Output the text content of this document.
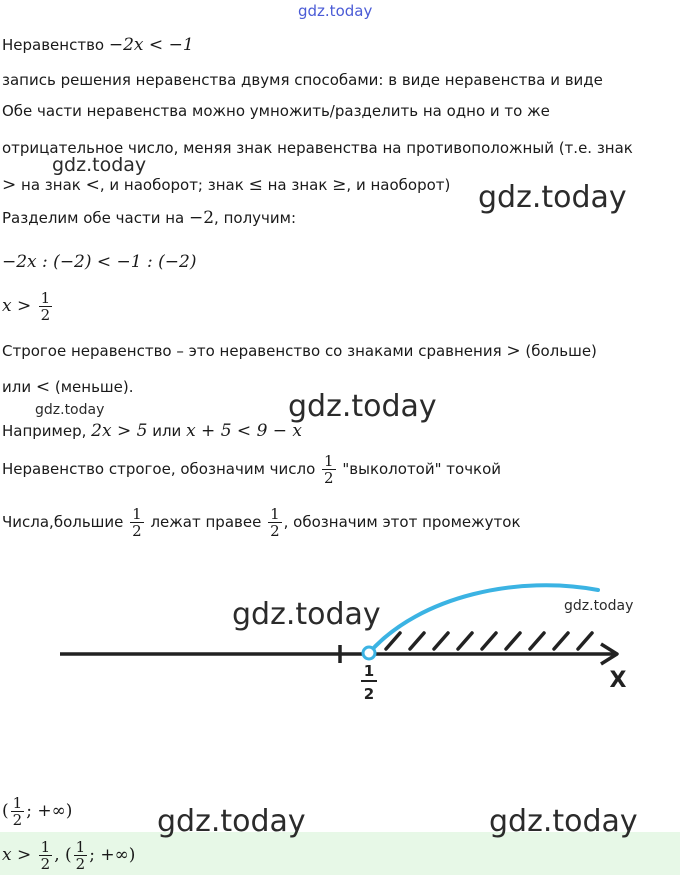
gdz.today
Неравенство −2x < −1
запись решения неравенства двумя способами: в виде неравенства и виде
Обе части неравенства можно умножить/разделить на одно и то же
отрицательное число, меняя знак неравенства на противоположный (т.е. знак
gdz.today
> на знак <, и наоборот; знак ≤ на знак ≥, и наоборот) gdz.today
Разделим обе части на −2, получим:
−2x : (−2) < −1 : (−2)
$x > \frac{1}{2}$
Строгое неравенство – это неравенство со знаками сравнения > (больше)
или < (меньше).
gdz.today	gdz.today
Например, 2x > 5 или x + 5 < 9 − x
Неравенство строгое, обозначим число $\frac{1}{2}$ "выколотой" точкой
Числа,большие $\frac{1}{2}$ лежат правее $\frac{1}{2}$ , обозначим этот промежуток
1
2
X
gdz.today	gdz.today
( $\frac{1}{2}$ ; +∞)
$x > \frac{1}{2}$ , ( $\frac{1}{2}$ ; +∞)
gdz.today	gdz.today
